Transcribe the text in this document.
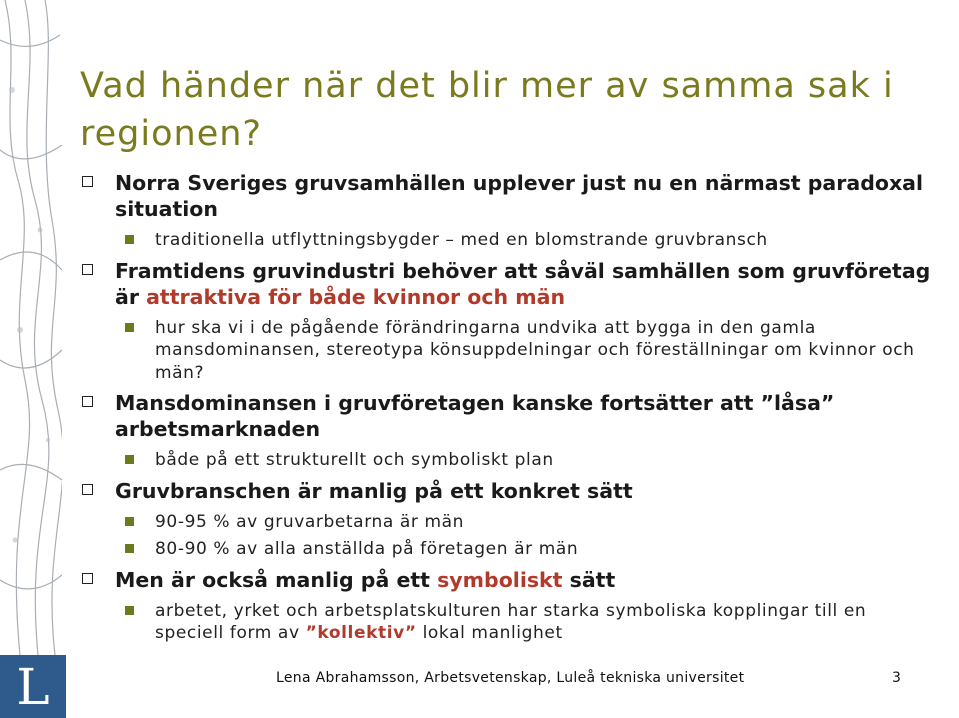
L
Vad händer när det blir mer av samma sak i regionen?
Norra Sveriges gruvsamhällen upplever just nu en närmast paradoxal situation
traditionella utflyttningsbygder – med en blomstrande gruvbransch
Framtidens gruvindustri behöver att såväl samhällen som gruvföretag är attraktiva för både kvinnor och män
hur ska vi i de pågående förändringarna undvika att bygga in den gamla mansdominansen, stereotypa könsuppdelningar och föreställningar om kvinnor och män?
Mansdominansen i gruvföretagen kanske fortsätter att ”låsa” arbetsmarknaden
både på ett strukturellt och symboliskt plan
Gruvbranschen är manlig på ett konkret sätt
90-95 % av gruvarbetarna är män
80-90 % av alla anställda på företagen är män
Men är också manlig på ett symboliskt sätt
arbetet, yrket och arbetsplatskulturen har starka symboliska kopplingar till en speciell form av ”kollektiv” lokal manlighet
Lena Abrahamsson, Arbetsvetenskap, Luleå tekniska universitet	3
